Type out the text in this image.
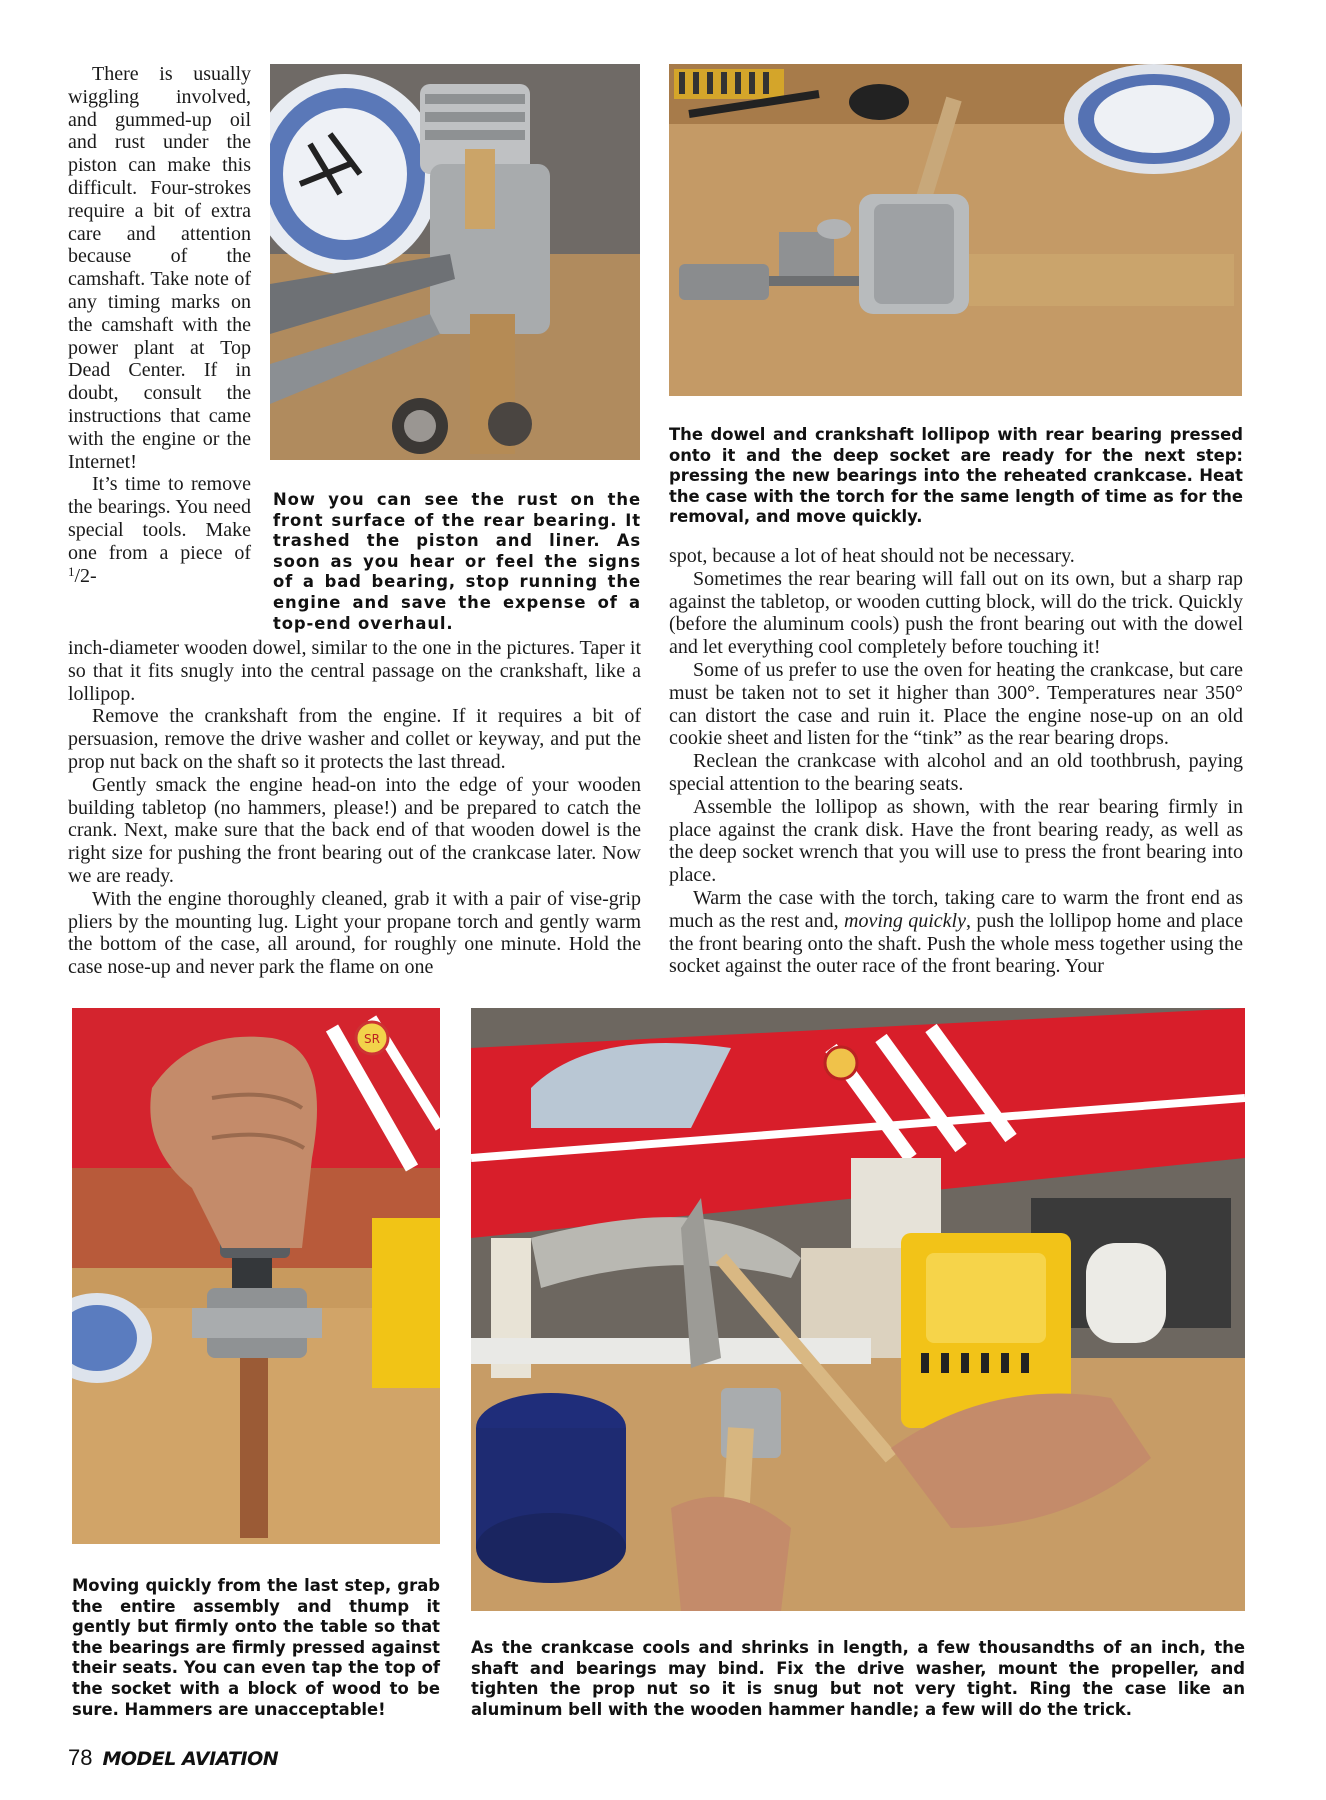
SR

There is usually wiggling involved, and gummed-up oil and rust under the piston can make this difficult. Four-strokes require a bit of extra care and attention because of the camshaft. Take note of any timing marks on the camshaft with the power plant at Top Dead Center. If in doubt, consult the instructions that came with the engine or the Internet!

It’s time to remove the bearings. You need special tools. Make one from a piece of $^1$/2-

inch-diameter wooden dowel, similar to the one in the pictures. Taper it so that it fits snugly into the central passage on the crankshaft, like a lollipop.

Remove the crankshaft from the engine. If it requires a bit of persuasion, remove the drive washer and collet or keyway, and put the prop nut back on the shaft so it protects the last thread.

Gently smack the engine head-on into the edge of your wooden building tabletop (no hammers, please!) and be prepared to catch the crank. Next, make sure that the back end of that wooden dowel is the right size for pushing the front bearing out of the crankcase later. Now we are ready.

With the engine thoroughly cleaned, grab it with a pair of vise-grip pliers by the mounting lug. Light your propane torch and gently warm the bottom of the case, all around, for roughly one minute. Hold the case nose-up and never park the flame on one

spot, because a lot of heat should not be necessary.

Sometimes the rear bearing will fall out on its own, but a sharp rap against the tabletop, or wooden cutting block, will do the trick. Quickly (before the aluminum cools) push the front bearing out with the dowel and let everything cool completely before touching it!

Some of us prefer to use the oven for heating the crankcase, but care must be taken not to set it higher than 300°. Temperatures near 350° can distort the case and ruin it. Place the engine nose-up on an old cookie sheet and listen for the “tink” as the rear bearing drops.

Reclean the crankcase with alcohol and an old toothbrush, paying special attention to the bearing seats.

Assemble the lollipop as shown, with the rear bearing firmly in place against the crank disk. Have the front bearing ready, as well as the deep socket wrench that you will use to press the front bearing into place.

Warm the case with the torch, taking care to warm the front end as much as the rest and, moving quickly, push the lollipop home and place the front bearing onto the shaft. Push the whole mess together using the socket against the outer race of the front bearing. Your

Now you can see the rust on the front surface of the rear bearing. It trashed the piston and liner. As soon as you hear or feel the signs of a bad bearing, stop running the engine and save the expense of a top-end overhaul.
The dowel and crankshaft lollipop with rear bearing pressed onto it and the deep socket are ready for the next step: pressing the new bearings into the reheated crankcase. Heat the case with the torch for the same length of time as for the removal, and move quickly.
Moving quickly from the last step, grab the entire assembly and thump it gently but firmly onto the table so that the bearings are firmly pressed against their seats. You can even tap the top of the socket with a block of wood to be sure. Hammers are unacceptable!
As the crankcase cools and shrinks in length, a few thousandths of an inch, the shaft and bearings may bind. Fix the drive washer, mount the propeller, and tighten the prop nut so it is snug but not very tight. Ring the case like an aluminum bell with the wooden hammer handle; a few will do the trick.
78 MODEL AVIATION
